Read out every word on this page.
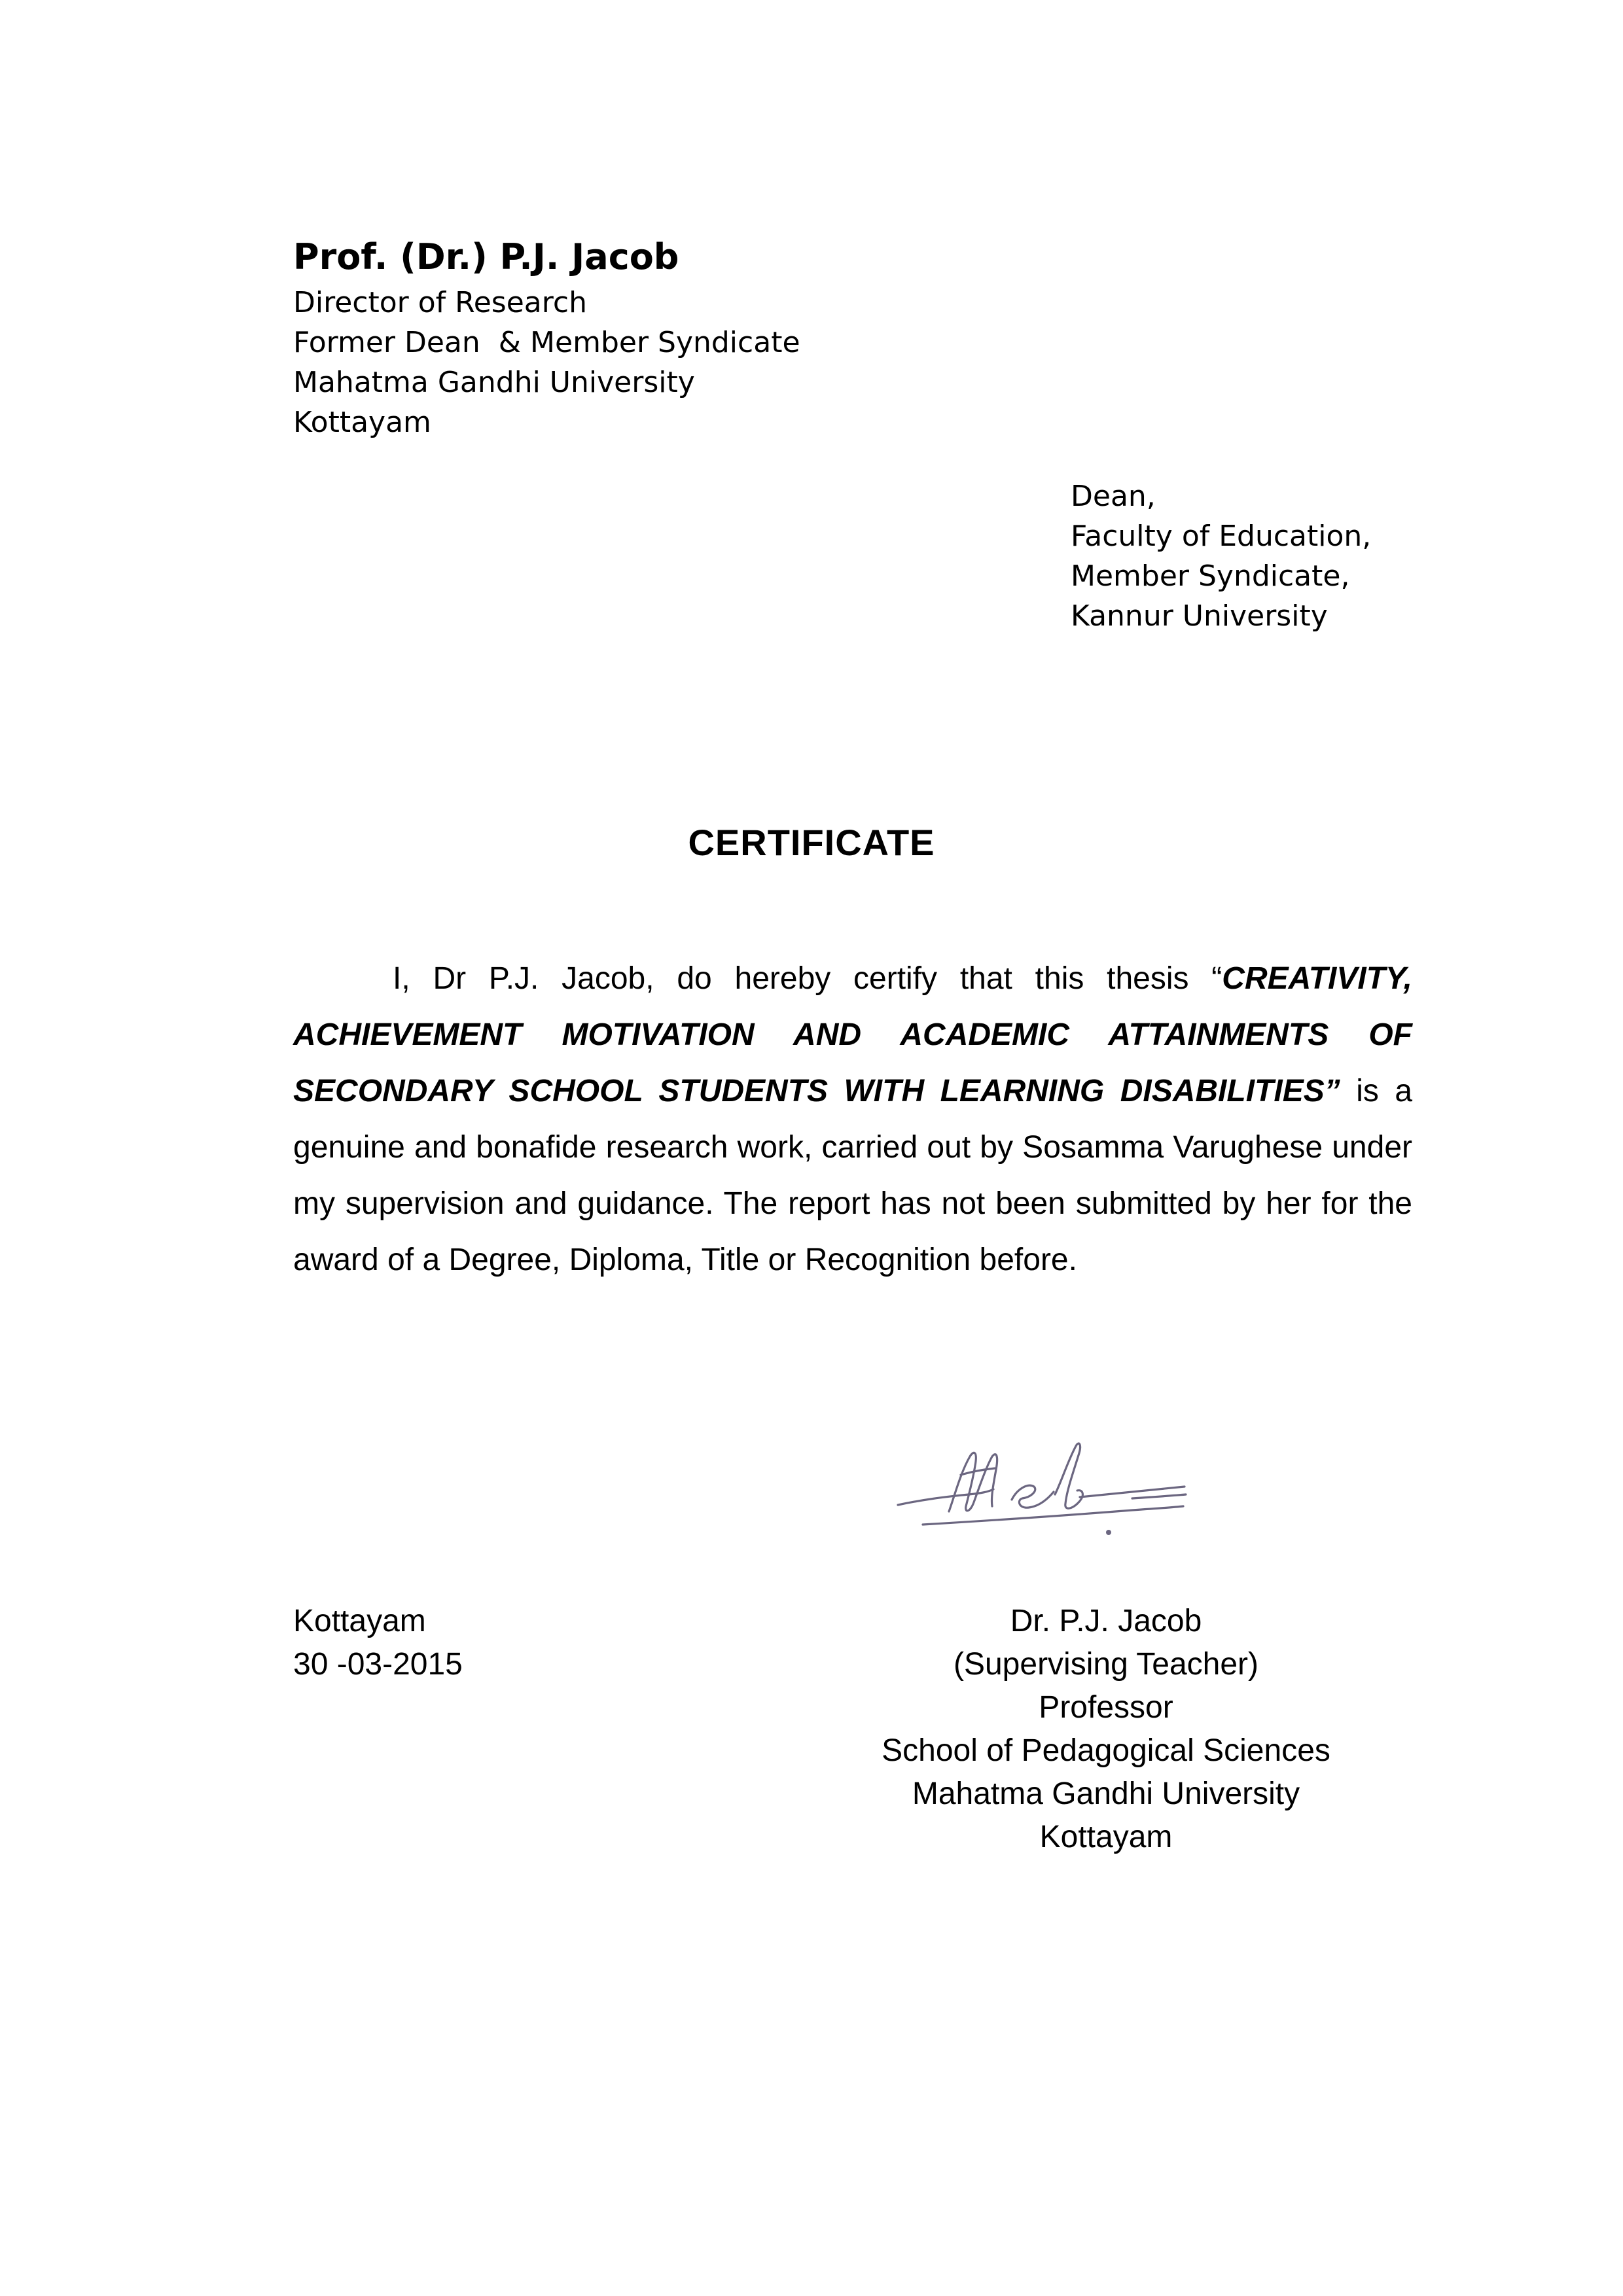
Prof. (Dr.) P.J. Jacob
Director of Research
Former Dean  & Member Syndicate
Mahatma Gandhi University
Kottayam
Dean,
Faculty of Education,
Member Syndicate,
Kannur University
CERTIFICATE

I, Dr P.J. Jacob, do hereby certify that this thesis “CREATIVITY, ACHIEVEMENT MOTIVATION AND ACADEMIC ATTAINMENTS OF SECONDARY SCHOOL STUDENTS WITH LEARNING DISABILITIES” is a genuine and bonafide research work, carried out by Sosamma Varughese under my supervision and guidance. The report has not been submitted by her for the award of a Degree, Diploma, Title or Recognition before.

Kottayam
30 -03-2015
Dr. P.J. Jacob
(Supervising Teacher)
Professor
School of Pedagogical Sciences
Mahatma Gandhi University
Kottayam
